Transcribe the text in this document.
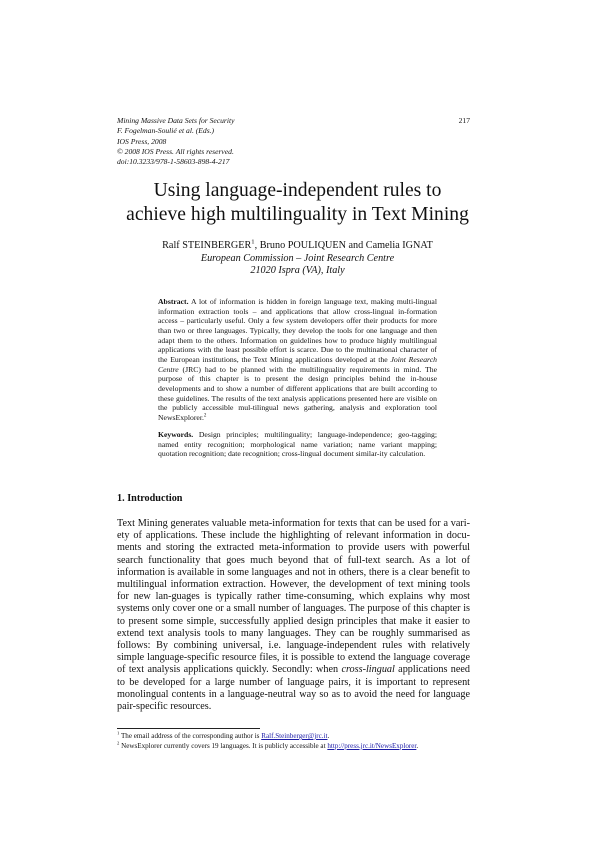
Mining Massive Data Sets for Security
F. Fogelman-Soulié et al. (Eds.)
IOS Press, 2008
© 2008 IOS Press. All rights reserved.
doi:10.3233/978-1-58603-898-4-217
217
Using language-independent rules to
achieve high multilinguality in Text Mining
Ralf STEINBERGER$^1$, Bruno POULIQUEN and Camelia IGNAT
European Commission – Joint Research Centre
21020 Ispra (VA), Italy
Abstract. A lot of information is hidden in foreign language text, making multi-lingual information extraction tools – and applications that allow cross-lingual in-formation access – particularly useful. Only a few system developers offer their products for more than two or three languages. Typically, they develop the tools for one language and then adapt them to the others. Information on guidelines how to produce highly multilingual applications with the least possible effort is scarce. Due to the multinational character of the European institutions, the Text Mining applications developed at the Joint Research Centre (JRC) had to be planned with the multilinguality requirements in mind. The purpose of this chapter is to present the design principles behind the in-house developments and to show a number of different applications that are built according to these guidelines. The results of the text analysis applications presented here are visible on the publicly accessible mul-tilingual news gathering, analysis and exploration tool NewsExplorer.$^2$
Keywords. Design principles; multilinguality; language-independence; geo-tagging; named entity recognition; morphological name variation; name variant mapping; quotation recognition; date recognition; cross-lingual document similar-ity calculation.
1. Introduction
Text Mining generates valuable meta-information for texts that can be used for a vari-ety of applications. These include the highlighting of relevant information in docu-ments and storing the extracted meta-information to provide users with powerful search functionality that goes much beyond that of full-text search. As a lot of information is available in some languages and not in others, there is a clear benefit to multilingual information extraction. However, the development of text mining tools for new lan-guages is typically rather time-consuming, which explains why most systems only cover one or a small number of languages. The purpose of this chapter is to present some simple, successfully applied design principles that make it easier to extend text analysis tools to many languages. They can be roughly summarised as follows: By combining universal, i.e. language-independent rules with relatively simple language-specific resource files, it is possible to extend the language coverage of text analysis applications quickly. Secondly: when cross-lingual applications need to be developed for a large number of language pairs, it is important to represent monolingual contents in a language-neutral way so as to avoid the need for language pair-specific resources.
$^1$ The email address of the corresponding author is Ralf.Steinberger@jrc.it.
$^2$ NewsExplorer currently covers 19 languages. It is publicly accessible at http://press.jrc.it/NewsExplorer.
